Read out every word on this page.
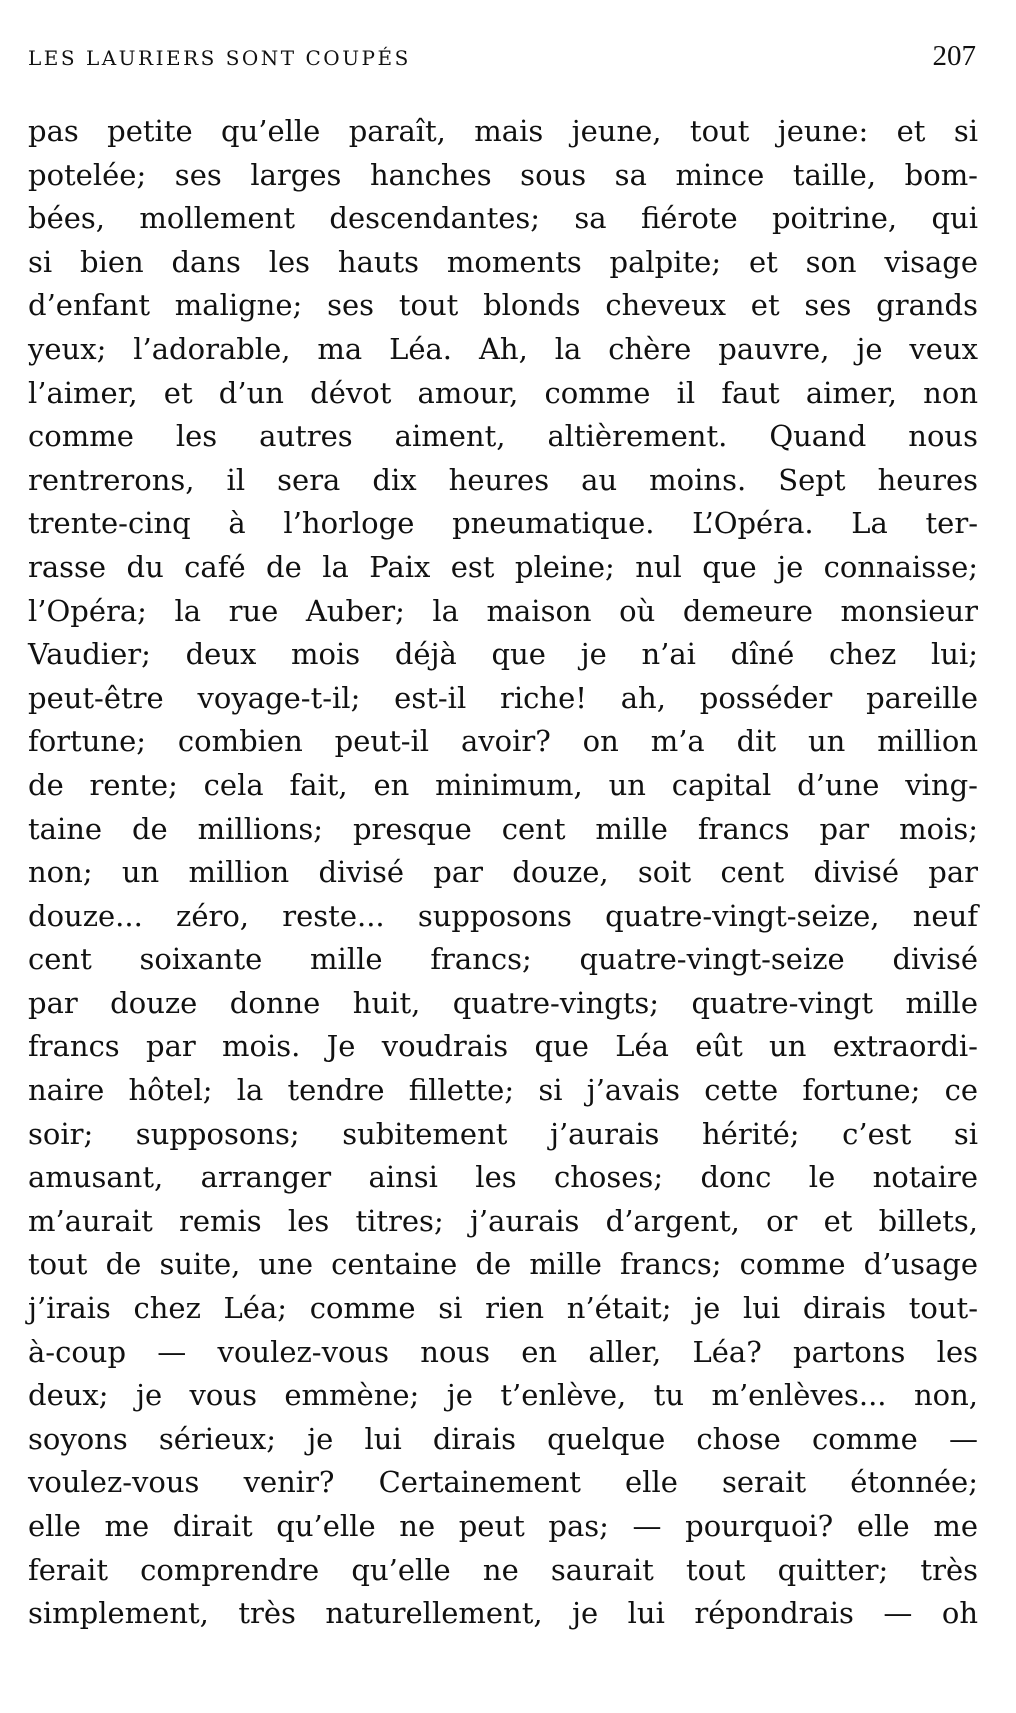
LES LAURIERS SONT COUPÉS	207
pas petite qu’elle paraît, mais jeune, tout jeune: et si
potelée; ses larges hanches sous sa mince taille, bom-
bées, mollement descendantes; sa fiérote poitrine, qui
si bien dans les hauts moments palpite; et son visage
d’enfant maligne; ses tout blonds cheveux et ses grands
yeux; l’adorable, ma Léa. Ah, la chère pauvre, je veux
l’aimer, et d’un dévot amour, comme il faut aimer, non
comme les autres aiment, altièrement. Quand nous
rentrerons, il sera dix heures au moins. Sept heures
trente-cinq à l’horloge pneumatique. L’Opéra. La ter-
rasse du café de la Paix est pleine; nul que je connaisse;
l’Opéra; la rue Auber; la maison où demeure monsieur
Vaudier; deux mois déjà que je n’ai dîné chez lui;
peut-être voyage-t-il; est-il riche! ah, posséder pareille
fortune; combien peut-il avoir? on m’a dit un million
de rente; cela fait, en minimum, un capital d’une ving-
taine de millions; presque cent mille francs par mois;
non; un million divisé par douze, soit cent divisé par
douze... zéro, reste... supposons quatre-vingt-seize, neuf
cent soixante mille francs; quatre-vingt-seize divisé
par douze donne huit, quatre-vingts; quatre-vingt mille
francs par mois. Je voudrais que Léa eût un extraordi-
naire hôtel; la tendre fillette; si j’avais cette fortune; ce
soir; supposons; subitement j’aurais hérité; c’est si
amusant, arranger ainsi les choses; donc le notaire
m’aurait remis les titres; j’aurais d’argent, or et billets,
tout de suite, une centaine de mille francs; comme d’usage
j’irais chez Léa; comme si rien n’était; je lui dirais tout-
à-coup — voulez-vous nous en aller, Léa? partons les
deux; je vous emmène; je t’enlève, tu m’enlèves... non,
soyons sérieux; je lui dirais quelque chose comme —
voulez-vous venir? Certainement elle serait étonnée;
elle me dirait qu’elle ne peut pas; — pourquoi? elle me
ferait comprendre qu’elle ne saurait tout quitter; très
simplement, très naturellement, je lui répondrais — oh
